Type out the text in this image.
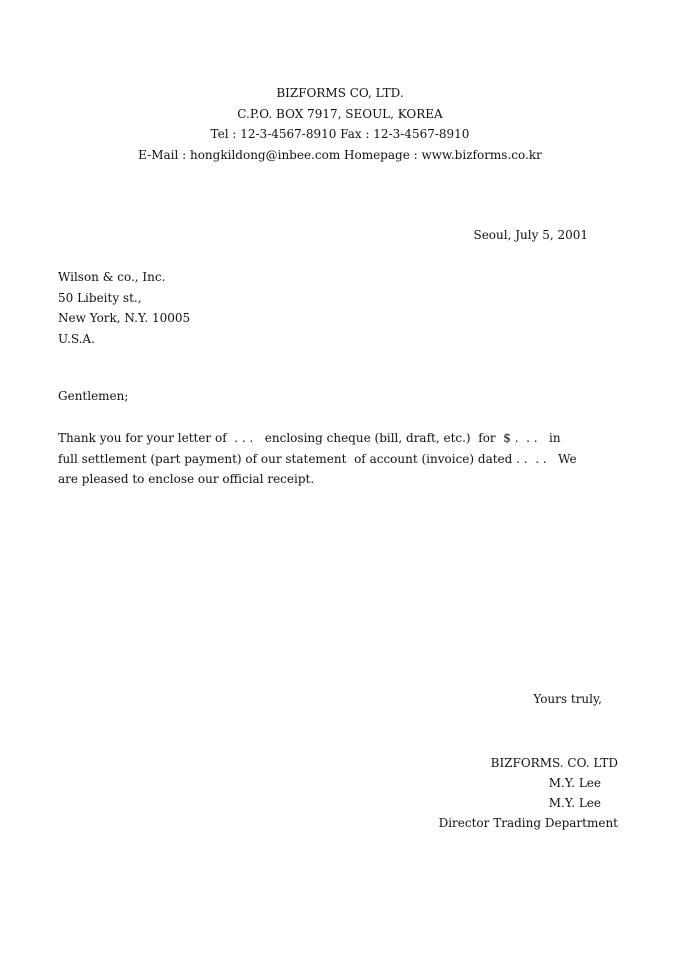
BIZFORMS CO, LTD.
C.P.O. BOX 7917, SEOUL, KOREA
Tel : 12-3-4567-8910 Fax : 12-3-4567-8910
E-Mail : hongkildong@inbee.com Homepage : www.bizforms.co.kr
Seoul, July 5, 2001
Wilson & co., Inc.
50 Libeity st.,
New York, N.Y. 10005
U.S.A.
Gentlemen;
Thank you for your letter of  . . .   enclosing cheque (bill, draft, etc.)  for  $ .  . .   in
full settlement (part payment) of our statement  of account (invoice) dated . .  . .   We
are pleased to enclose our official receipt.
Yours truly,
BIZFORMS. CO. LTD
M.Y. Lee
M.Y. Lee
Director Trading Department
